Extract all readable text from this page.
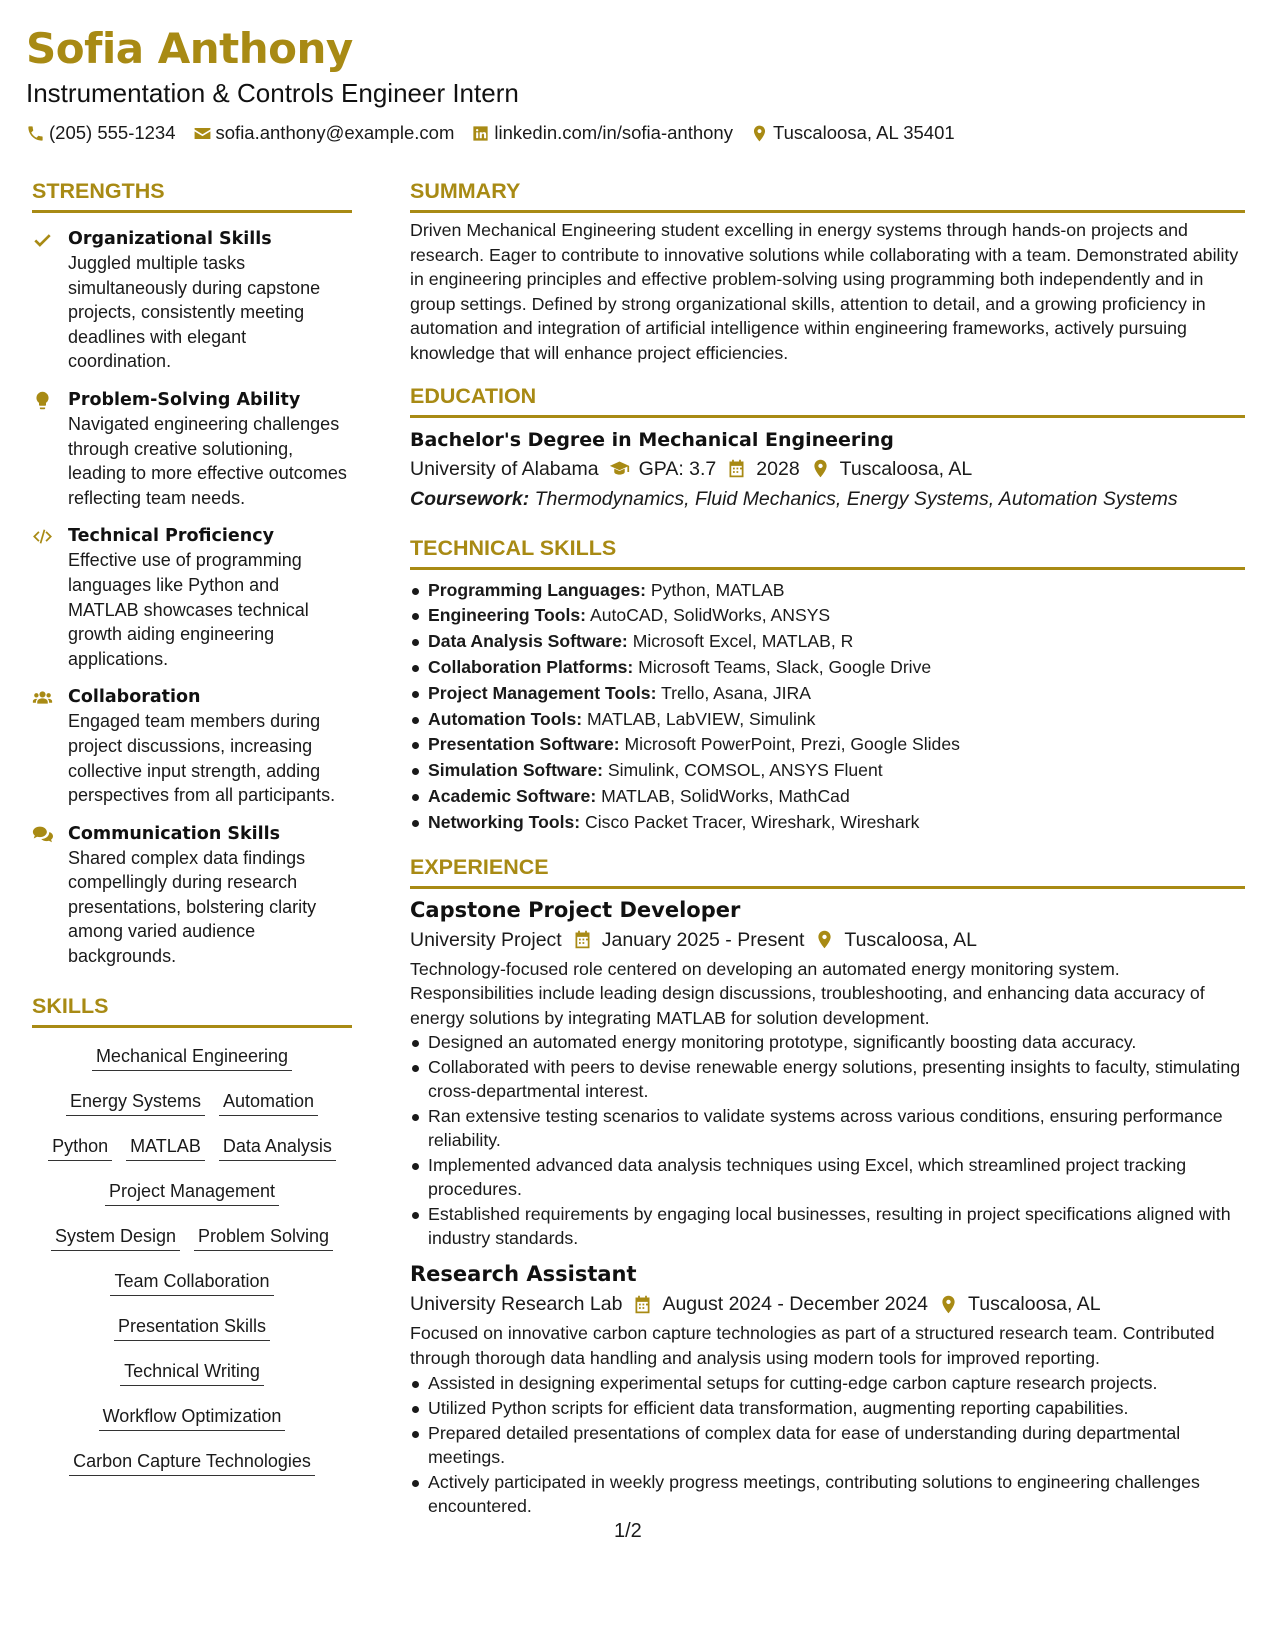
Sofia Anthony
Instrumentation & Controls Engineer Intern
(205) 555-1234 sofia.anthony@example.com linkedin.com/in/sofia-anthony Tuscaloosa, AL 35401
STRENGTHS
Organizational Skills
Juggled multiple tasks simultaneously during capstone projects, consistently meeting deadlines with elegant coordination.
Problem-Solving Ability
Navigated engineering challenges through creative solutioning, leading to more effective outcomes reflecting team needs.
Technical Proficiency
Effective use of programming languages like Python and MATLAB showcases technical growth aiding engineering applications.
Collaboration
Engaged team members during project discussions, increasing collective input strength, adding perspectives from all participants.
Communication Skills
Shared complex data findings compellingly during research presentations, bolstering clarity among varied audience backgrounds.
SKILLS
Mechanical Engineering
Energy Systems Automation
Python MATLAB Data Analysis
Project Management
System Design Problem Solving
Team Collaboration
Presentation Skills
Technical Writing
Workflow Optimization
Carbon Capture Technologies
SUMMARY
Driven Mechanical Engineering student excelling in energy systems through hands-on projects and research. Eager to contribute to innovative solutions while collaborating with a team. Demonstrated ability in engineering principles and effective problem-solving using programming both independently and in group settings. Defined by strong organizational skills, attention to detail, and a growing proficiency in automation and integration of artificial intelligence within engineering frameworks, actively pursuing knowledge that will enhance project efficiencies.
EDUCATION
Bachelor's Degree in Mechanical Engineering
University of Alabama GPA: 3.7 2028 Tuscaloosa, AL
Coursework: Thermodynamics, Fluid Mechanics, Energy Systems, Automation Systems
TECHNICAL SKILLS
Programming Languages: Python, MATLAB
Engineering Tools: AutoCAD, SolidWorks, ANSYS
Data Analysis Software: Microsoft Excel, MATLAB, R
Collaboration Platforms: Microsoft Teams, Slack, Google Drive
Project Management Tools: Trello, Asana, JIRA
Automation Tools: MATLAB, LabVIEW, Simulink
Presentation Software: Microsoft PowerPoint, Prezi, Google Slides
Simulation Software: Simulink, COMSOL, ANSYS Fluent
Academic Software: MATLAB, SolidWorks, MathCad
Networking Tools: Cisco Packet Tracer, Wireshark, Wireshark
EXPERIENCE
Capstone Project Developer
University Project January 2025 - Present Tuscaloosa, AL
Technology-focused role centered on developing an automated energy monitoring system. Responsibilities include leading design discussions, troubleshooting, and enhancing data accuracy of energy solutions by integrating MATLAB for solution development.
Designed an automated energy monitoring prototype, significantly boosting data accuracy.
Collaborated with peers to devise renewable energy solutions, presenting insights to faculty, stimulating cross-departmental interest.
Ran extensive testing scenarios to validate systems across various conditions, ensuring performance reliability.
Implemented advanced data analysis techniques using Excel, which streamlined project tracking procedures.
Established requirements by engaging local businesses, resulting in project specifications aligned with industry standards.
Research Assistant
University Research Lab August 2024 - December 2024 Tuscaloosa, AL
Focused on innovative carbon capture technologies as part of a structured research team. Contributed through thorough data handling and analysis using modern tools for improved reporting.
Assisted in designing experimental setups for cutting-edge carbon capture research projects.
Utilized Python scripts for efficient data transformation, augmenting reporting capabilities.
Prepared detailed presentations of complex data for ease of understanding during departmental meetings.
Actively participated in weekly progress meetings, contributing solutions to engineering challenges encountered.
1/2
